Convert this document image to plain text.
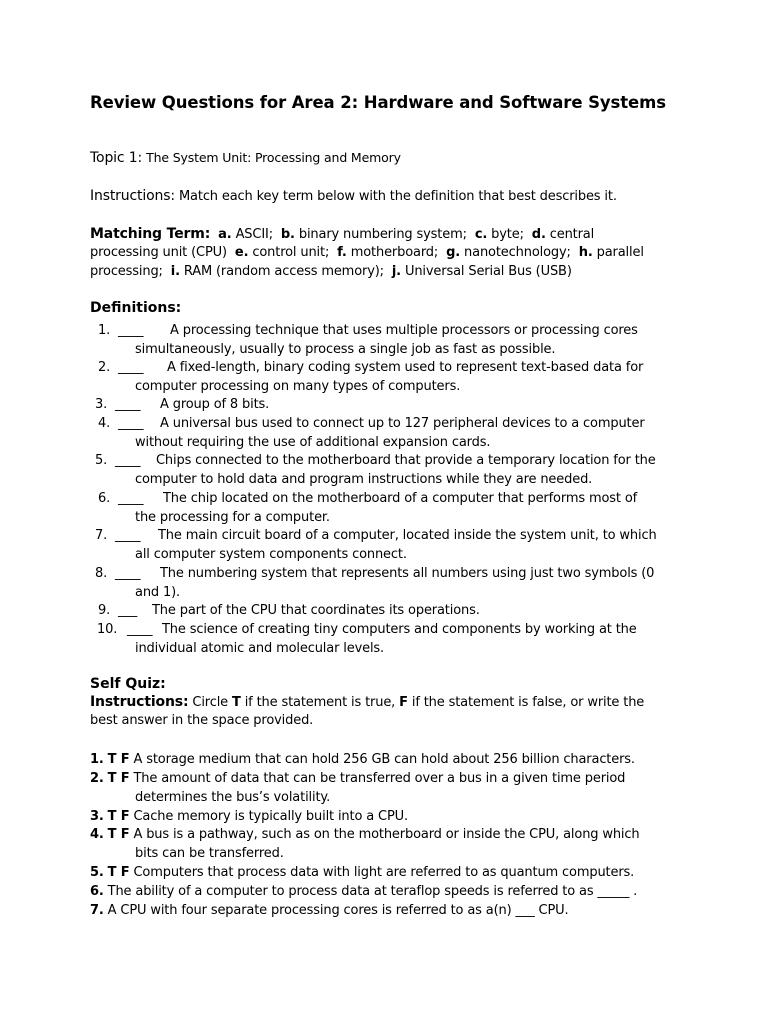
Review Questions for Area 2: Hardware and Software Systems
Topic 1: The System Unit: Processing and Memory
Instructions: Match each key term below with the definition that best describes it.
Matching Term: a. ASCII; b. binary numbering system; c. byte; d. central
processing unit (CPU) e. control unit; f. motherboard; g. nanotechnology; h. parallel
processing; i. RAM (random access memory); j. Universal Serial Bus (USB)
Definitions:
1. ____	A processing technique that uses multiple processors or processing cores
simultaneously, usually to process a single job as fast as possible.
2. ____	A fixed-length, binary coding system used to represent text-based data for
computer processing on many types of computers.
3. ____	A group of 8 bits.
4. ____	A universal bus used to connect up to 127 peripheral devices to a computer
without requiring the use of additional expansion cards.
5. ____	Chips connected to the motherboard that provide a temporary location for the
computer to hold data and program instructions while they are needed.
6. ____	The chip located on the motherboard of a computer that performs most of
the processing for a computer.
7. ____	The main circuit board of a computer, located inside the system unit, to which
all computer system components connect.
8. ____	The numbering system that represents all numbers using just two symbols (0
and 1).
9. ___	The part of the CPU that coordinates its operations.
10. ____ The science of creating tiny computers and components by working at the
individual atomic and molecular levels.
Self Quiz:
Instructions: Circle T if the statement is true, F if the statement is false, or write the
best answer in the space provided.
1. T F A storage medium that can hold 256 GB can hold about 256 billion characters.
2. T F The amount of data that can be transferred over a bus in a given time period
determines the bus’s volatility.
3. T F Cache memory is typically built into a CPU.
4. T F A bus is a pathway, such as on the motherboard or inside the CPU, along which
bits can be transferred.
5. T F Computers that process data with light are referred to as quantum computers.
6. The ability of a computer to process data at teraflop speeds is referred to as _____ .
7. A CPU with four separate processing cores is referred to as a(n) ___ CPU.
